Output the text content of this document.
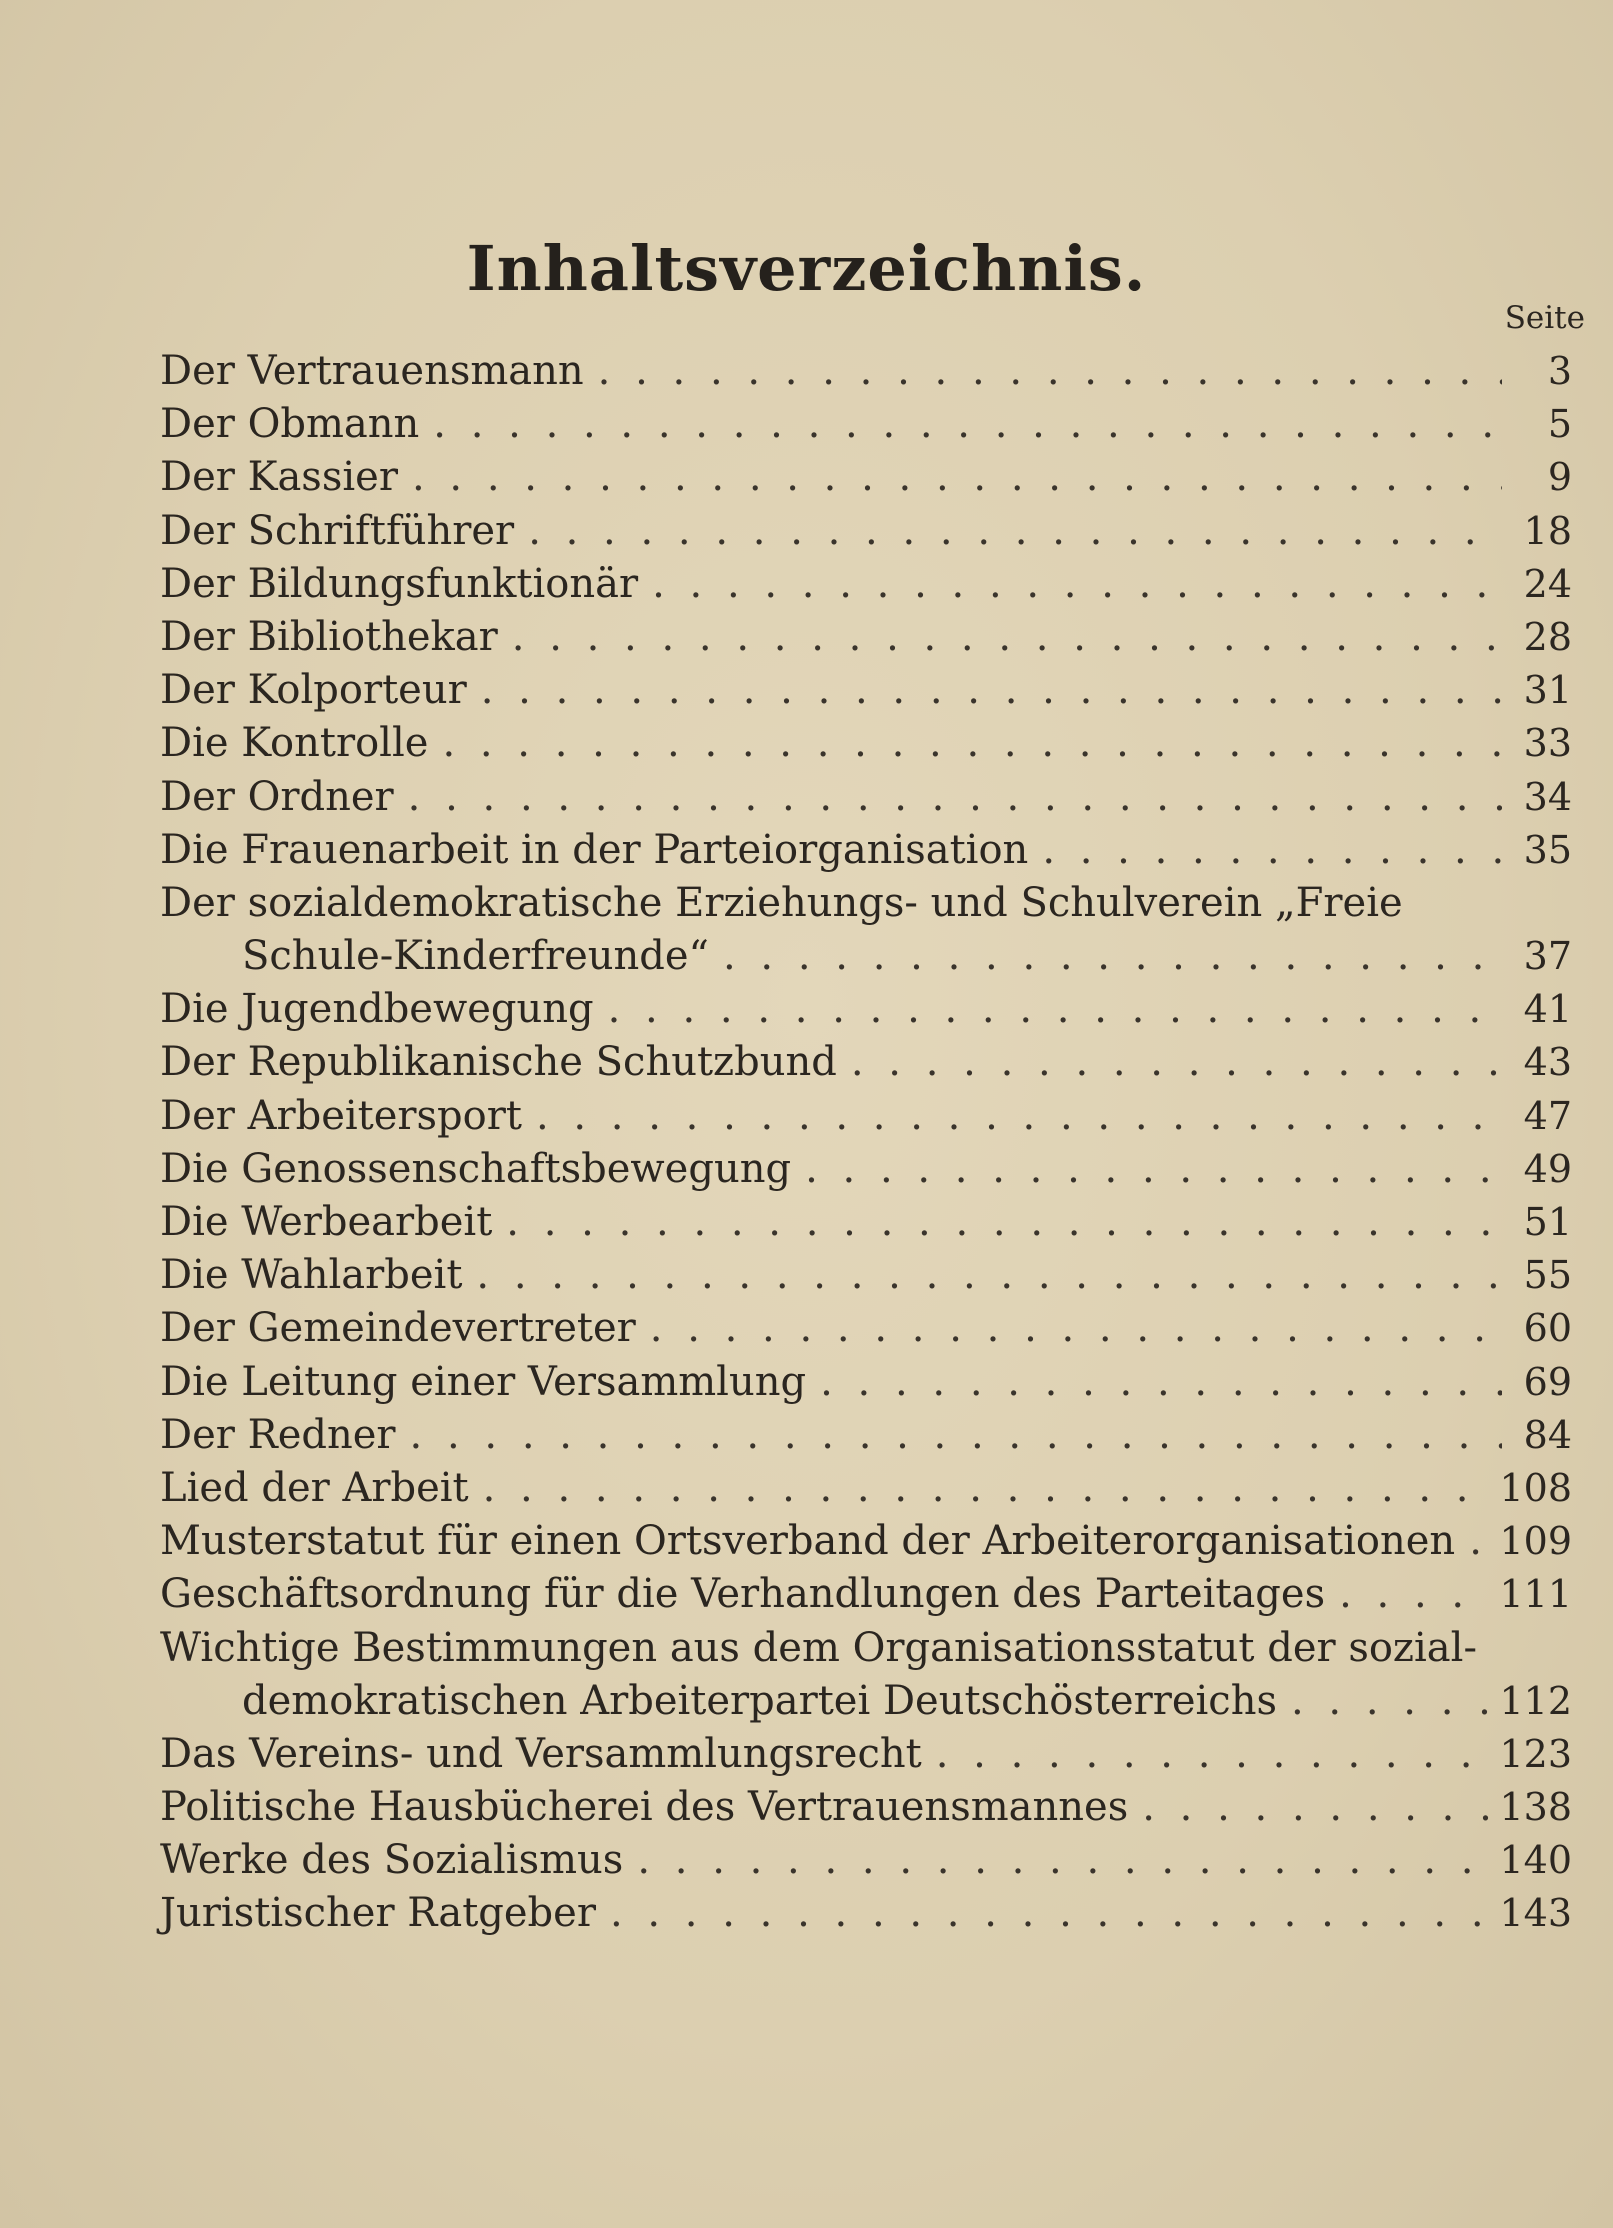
Inhaltsverzeichnis.
Seite
Der Vertrauensmann . . .	3
Der Obmann . . .	5
Der Kassier . . .	9
Der Schriftführer . . .	18
Der Bildungsfunktionär . . .	24
Der Bibliothekar . . .	28
Der Kolporteur . . .	31
Die Kontrolle . . .	33
Der Ordner . . .	34
Die Frauenarbeit in der Parteiorganisation . . .	35
Der sozialdemokratische Erziehungs- und Schulverein „Freie
Schule-Kinderfreunde“ . . .	37
Die Jugendbewegung . . .	41
Der Republikanische Schutzbund . . .	43
Der Arbeitersport . . .	47
Die Genossenschaftsbewegung . . .	49
Die Werbearbeit . . .	51
Die Wahlarbeit . . .	55
Der Gemeindevertreter . . .	60
Die Leitung einer Versammlung . . .	69
Der Redner . . .	84
Lied der Arbeit . . .	108
Musterstatut für einen Ortsverband der Arbeiterorganisationen . . . 109
Geschäftsordnung für die Verhandlungen des Parteitages . . .	111
Wichtige Bestimmungen aus dem Organisationsstatut der sozial-
demokratischen Arbeiterpartei Deutschösterreichs . . .	112
Das Vereins- und Versammlungsrecht . . .	123
Politische Hausbücherei des Vertrauensmannes . . .	138
Werke des Sozialismus . . .	140
Juristischer Ratgeber . . .	143
